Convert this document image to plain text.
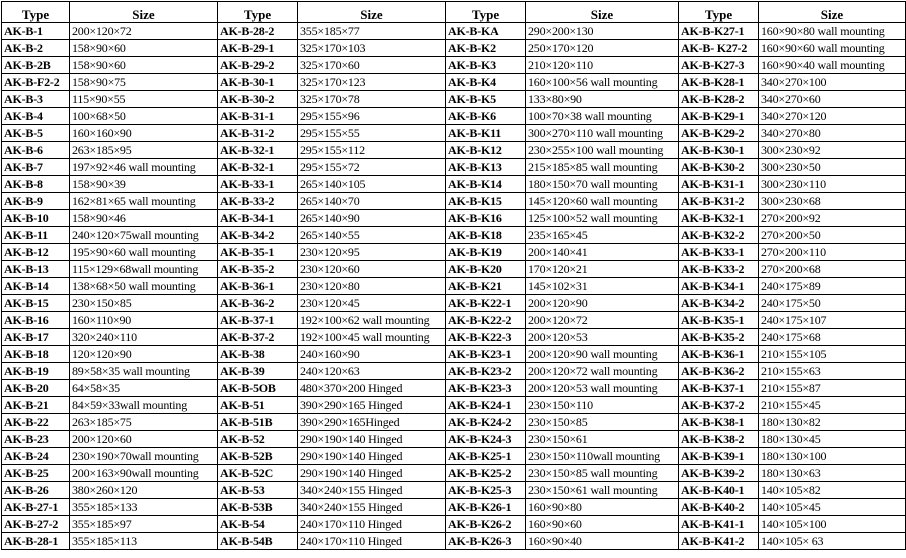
Type	Size	Type	Size	Type	Size	Type	Size
AK-B-1	200×120×72	AK-B-28-2	355×185×77	AK-B-KA	290×200×130	AK-B-K27-1	160×90×80 wall mounting
AK-B-2	158×90×60	AK-B-29-1	325×170×103	AK-B-K2	250×170×120	AK-B- K27-2	160×90×60 wall mounting
AK-B-2B	158×90×60	AK-B-29-2	325×170×60	AK-B-K3	210×120×110	AK-B-K27-3	160×90×40 wall mounting
AK-B-F2-2	158×90×75	AK-B-30-1	325×170×123	AK-B-K4	160×100×56 wall mounting	AK-B-K28-1	340×270×100
AK-B-3	115×90×55	AK-B-30-2	325×170×78	AK-B-K5	133×80×90	AK-B-K28-2	340×270×60
AK-B-4	100×68×50	AK-B-31-1	295×155×96	AK-B-K6	100×70×38 wall mounting	AK-B-K29-1	340×270×120
AK-B-5	160×160×90	AK-B-31-2	295×155×55	AK-B-K11	300×270×110 wall mounting	AK-B-K29-2	340×270×80
AK-B-6	263×185×95	AK-B-32-1	295×155×112	AK-B-K12	230×255×100 wall mounting	AK-B-K30-1	300×230×92
AK-B-7	197×92×46 wall mounting	AK-B-32-1	295×155×72	AK-B-K13	215×185×85 wall mounting	AK-B-K30-2	300×230×50
AK-B-8	158×90×39	AK-B-33-1	265×140×105	AK-B-K14	180×150×70 wall mounting	AK-B-K31-1	300×230×110
AK-B-9	162×81×65 wall mounting	AK-B-33-2	265×140×70	AK-B-K15	145×120×60 wall mounting	AK-B-K31-2	300×230×68
AK-B-10	158×90×46	AK-B-34-1	265×140×90	AK-B-K16	125×100×52 wall mounting	AK-B-K32-1	270×200×92
AK-B-11	240×120×75wall mounting	AK-B-34-2	265×140×55	AK-B-K18	235×165×45	AK-B-K32-2	270×200×50
AK-B-12	195×90×60 wall mounting	AK-B-35-1	230×120×95	AK-B-K19	200×140×41	AK-B-K33-1	270×200×110
AK-B-13	115×129×68wall mounting	AK-B-35-2	230×120×60	AK-B-K20	170×120×21	AK-B-K33-2	270×200×68
AK-B-14	138×68×50 wall mounting	AK-B-36-1	230×120×80	AK-B-K21	145×102×31	AK-B-K34-1	240×175×89
AK-B-15	230×150×85	AK-B-36-2	230×120×45	AK-B-K22-1	200×120×90	AK-B-K34-2	240×175×50
AK-B-16	160×110×90	AK-B-37-1	192×100×62 wall mounting	AK-B-K22-2	200×120×72	AK-B-K35-1	240×175×107
AK-B-17	320×240×110	AK-B-37-2	192×100×45 wall mounting	AK-B-K22-3	200×120×53	AK-B-K35-2	240×175×68
AK-B-18	120×120×90	AK-B-38	240×160×90	AK-B-K23-1	200×120×90 wall mounting	AK-B-K36-1	210×155×105
AK-B-19	89×58×35 wall mounting	AK-B-39	240×120×63	AK-B-K23-2	200×120×72 wall mounting	AK-B-K36-2	210×155×63
AK-B-20	64×58×35	AK-B-5OB	480×370×200 Hinged	AK-B-K23-3	200×120×53 wall mounting	AK-B-K37-1	210×155×87
AK-B-21	84×59×33wall mounting	AK-B-51	390×290×165 Hinged	AK-B-K24-1	230×150×110	AK-B-K37-2	210×155×45
AK-B-22	263×185×75	AK-B-51B	390×290×165Hinged	AK-B-K24-2	230×150×85	AK-B-K38-1	180×130×82
AK-B-23	200×120×60	AK-B-52	290×190×140 Hinged	AK-B-K24-3	230×150×61	AK-B-K38-2	180×130×45
AK-B-24	230×190×70wall mounting	AK-B-52B	290×190×140 Hinged	AK-B-K25-1	230×150×110wall mounting	AK-B-K39-1	180×130×100
AK-B-25	200×163×90wall mounting	AK-B-52C	290×190×140 Hinged	AK-B-K25-2	230×150×85 wall mounting	AK-B-K39-2	180×130×63
AK-B-26	380×260×120	AK-B-53	340×240×155 Hinged	AK-B-K25-3	230×150×61 wall mounting	AK-B-K40-1	140×105×82
AK-B-27-1	355×185×133	AK-B-53B	340×240×155 Hinged	AK-B-K26-1	160×90×80	AK-B-K40-2	140×105×45
AK-B-27-2	355×185×97	AK-B-54	240×170×110 Hinged	AK-B-K26-2	160×90×60	AK-B-K41-1	140×105×100
AK-B-28-1	355×185×113	AK-B-54B	240×170×110 Hinged	AK-B-K26-3	160×90×40	AK-B-K41-2	140×105× 63
